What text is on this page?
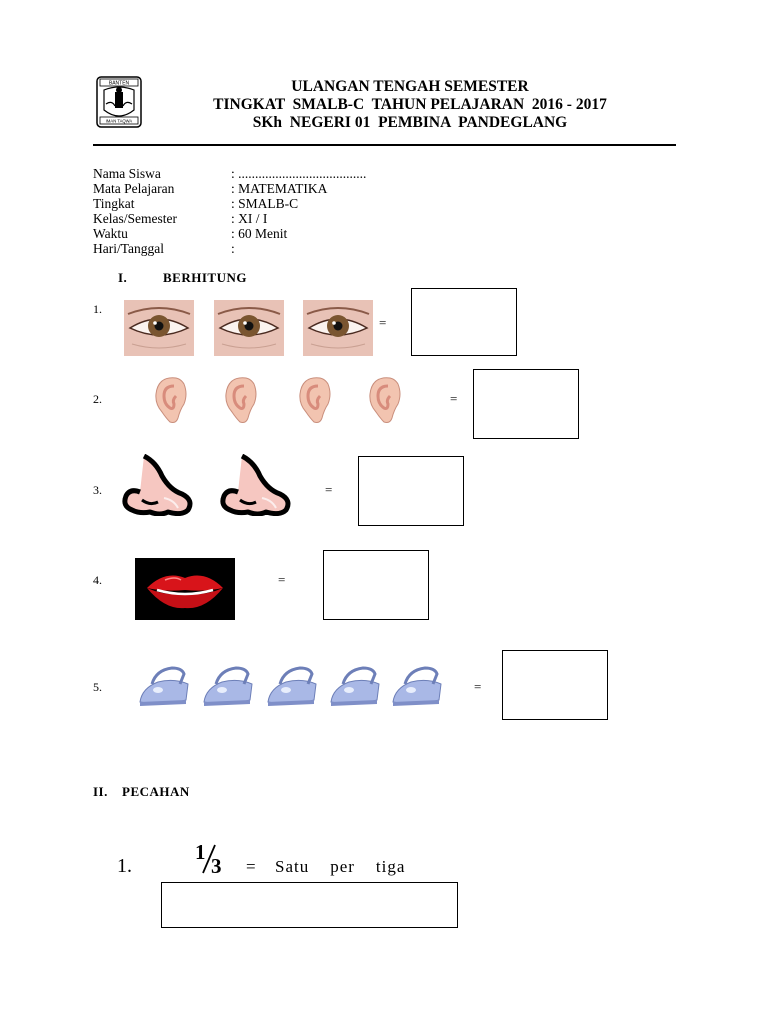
BANTEN
IMAN TAQWA
ULANGAN TENGAH SEMESTER
TINGKAT  SMALB-C  TAHUN PELAJARAN  2016 - 2017
SKh  NEGERI 01  PEMBINA  PANDEGLANG
Nama Siswa	: ......................................
Mata Pelajaran	: MATEMATIKA
Tingkat	: SMALB-C
Kelas/Semester	: XI / I
Waktu	: 60 Menit
Hari/Tanggal	:
I.	BERHITUNG
1.
=
2.	=
3.	=
4.	=
5.	=
II. PECAHAN
1.
1
3 = Satu    per    tiga
